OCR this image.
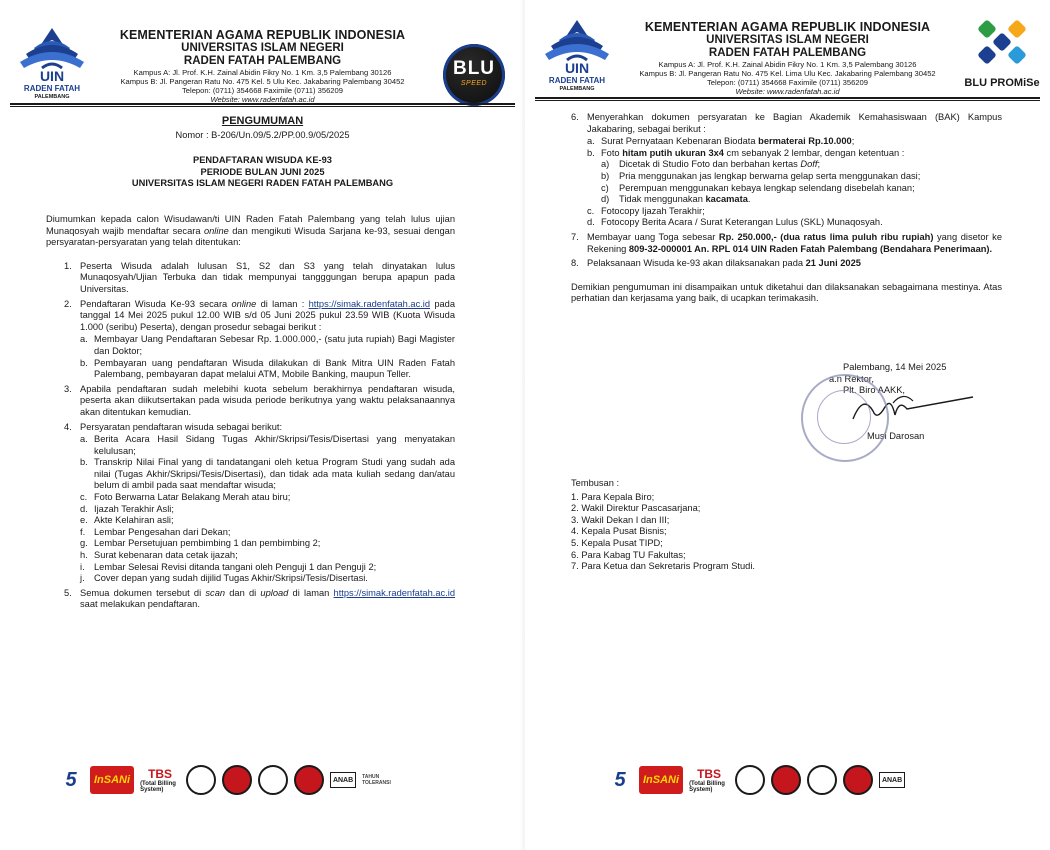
UIN
RADEN FATAH
PALEMBANG
KEMENTERIAN AGAMA REPUBLIK INDONESIA
UNIVERSITAS ISLAM NEGERI
RADEN FATAH PALEMBANG
Kampus A: Jl. Prof. K.H. Zainal Abidin Fikry No. 1 Km. 3,5 Palembang 30126
Kampus B: Jl. Pangeran Ratu No. 475 Kel. 5 Ulu Kec. Jakabaring Palembang 30452
Telepon: (0711) 354668 Faximile (0711) 356209
Website: www.radenfatah.ac.id
BLU
SPEED
PENGUMUMAN
Nomor : B-206/Un.09/5.2/PP.00.9/05/2025
PENDAFTARAN WISUDA KE-93
PERIODE BULAN JUNI 2025
UNIVERSITAS ISLAM NEGERI RADEN FATAH PALEMBANG
Diumumkan kepada calon Wisudawan/ti UIN Raden Fatah Palembang yang telah lulus ujian Munaqosyah wajib mendaftar secara online dan mengikuti Wisuda Sarjana ke-93, sesuai dengan persyaratan-persyaratan yang telah ditentukan:
1. Peserta Wisuda adalah lulusan S1, S2 dan S3 yang telah dinyatakan lulus Munaqosyah/Ujian Terbuka dan tidak mempunyai tangggungan berupa apapun pada Universitas.
2. Pendaftaran Wisuda Ke-93 secara online di laman : https://simak.radenfatah.ac.id pada tanggal 14 Mei 2025 pukul 12.00 WIB s/d 05 Juni 2025 pukul 23.59 WIB (Kuota Wisuda 1.000 (seribu) Peserta), dengan prosedur sebagai berikut :
a. Membayar Uang Pendaftaran Sebesar Rp. 1.000.000,- (satu juta rupiah) Bagi Magister dan Doktor;
b. Pembayaran uang pendaftaran Wisuda dilakukan di Bank Mitra UIN Raden Fatah Palembang, pembayaran dapat melalui ATM, Mobile Banking, maupun Teller.
3. Apabila pendaftaran sudah melebihi kuota sebelum berakhirnya pendaftaran wisuda, peserta akan diikutsertakan pada wisuda periode berikutnya yang waktu pelaksanaannya akan ditentukan kemudian.
4. Persyaratan pendaftaran wisuda sebagai berikut:
a. Berita Acara Hasil Sidang Tugas Akhir/Skripsi/Tesis/Disertasi yang menyatakan kelulusan;
b. Transkrip Nilai Final yang di tandatangani oleh ketua Program Studi yang sudah ada nilai (Tugas Akhir/Skripsi/Tesis/Disertasi), dan tidak ada mata kuliah sedang dan/atau belum di ambil pada saat mendaftar wisuda;
c. Foto Berwarna Latar Belakang Merah atau biru;
d. Ijazah Terakhir Asli;
e. Akte Kelahiran asli;
f. Lembar Pengesahan dari Dekan;
g. Lembar Persetujuan pembimbing 1 dan pembimbing 2;
h. Surat kebenaran data cetak ijazah;
i. Lembar Selesai Revisi ditanda tangani oleh Penguji 1 dan Penguji 2;
j. Cover depan yang sudah dijilid Tugas Akhir/Skripsi/Tesis/Disertasi.
5. Semua dokumen tersebut di scan dan di upload di laman https://simak.radenfatah.ac.id saat melakukan pendaftaran.
5	InSANi	TBS
(Total Billing System)
ANAB	TAHUN TOLERANSI
UIN
RADEN FATAH
PALEMBANG
KEMENTERIAN AGAMA REPUBLIK INDONESIA
UNIVERSITAS ISLAM NEGERI
RADEN FATAH PALEMBANG
Kampus A: Jl. Prof. K.H. Zainal Abidin Fikry No. 1 Km. 3,5 Palembang 30126
Kampus B: Jl. Pangeran Ratu No. 475 Kel. Lima Ulu Kec. Jakabaring Palembang 30452
Telepon: (0711) 354668 Faximile (0711) 356209
Website: www.radenfatah.ac.id
BLU PROMiSe
6. Menyerahkan dokumen persyaratan ke Bagian Akademik Kemahasiswaan (BAK) Kampus Jakabaring, sebagai berikut :
a. Surat Pernyataan Kebenaran Biodata bermaterai Rp.10.000;
b. Foto hitam putih ukuran 3x4 cm sebanyak 2 lembar, dengan ketentuan :
a) Dicetak di Studio Foto dan berbahan kertas Doff;
b) Pria menggunakan jas lengkap berwarna gelap serta menggunakan dasi;
c) Perempuan menggunakan kebaya lengkap selendang disebelah kanan;
d) Tidak menggunakan kacamata.
c. Fotocopy Ijazah Terakhir;
d. Fotocopy Berita Acara / Surat Keterangan Lulus (SKL) Munaqosyah.
7. Membayar uang Toga sebesar Rp. 250.000,- (dua ratus lima puluh ribu rupiah) yang disetor ke Rekening 809-32-000001 An. RPL 014 UIN Raden Fatah Palembang (Bendahara Penerimaan).
8. Pelaksanaan Wisuda ke-93 akan dilaksanakan pada 21 Juni 2025
Demikian pengumuman ini disampaikan untuk diketahui dan dilaksanakan sebagaimana mestinya. Atas perhatian dan kerjasama yang baik, di ucapkan terimakasih.
Palembang, 14 Mei 2025
a.n Rektor,
Plt. Biro AAKK,
Musi Darosan
Tembusan :
1. Para Kepala Biro;
2. Wakil Direktur Pascasarjana;
3. Wakil Dekan I dan III;
4. Kepala Pusat Bisnis;
5. Kepala Pusat TIPD;
6. Para Kabag TU Fakultas;
7. Para Ketua dan Sekretaris Program Studi.
5	InSANi	TBS
(Total Billing System)
ANAB
